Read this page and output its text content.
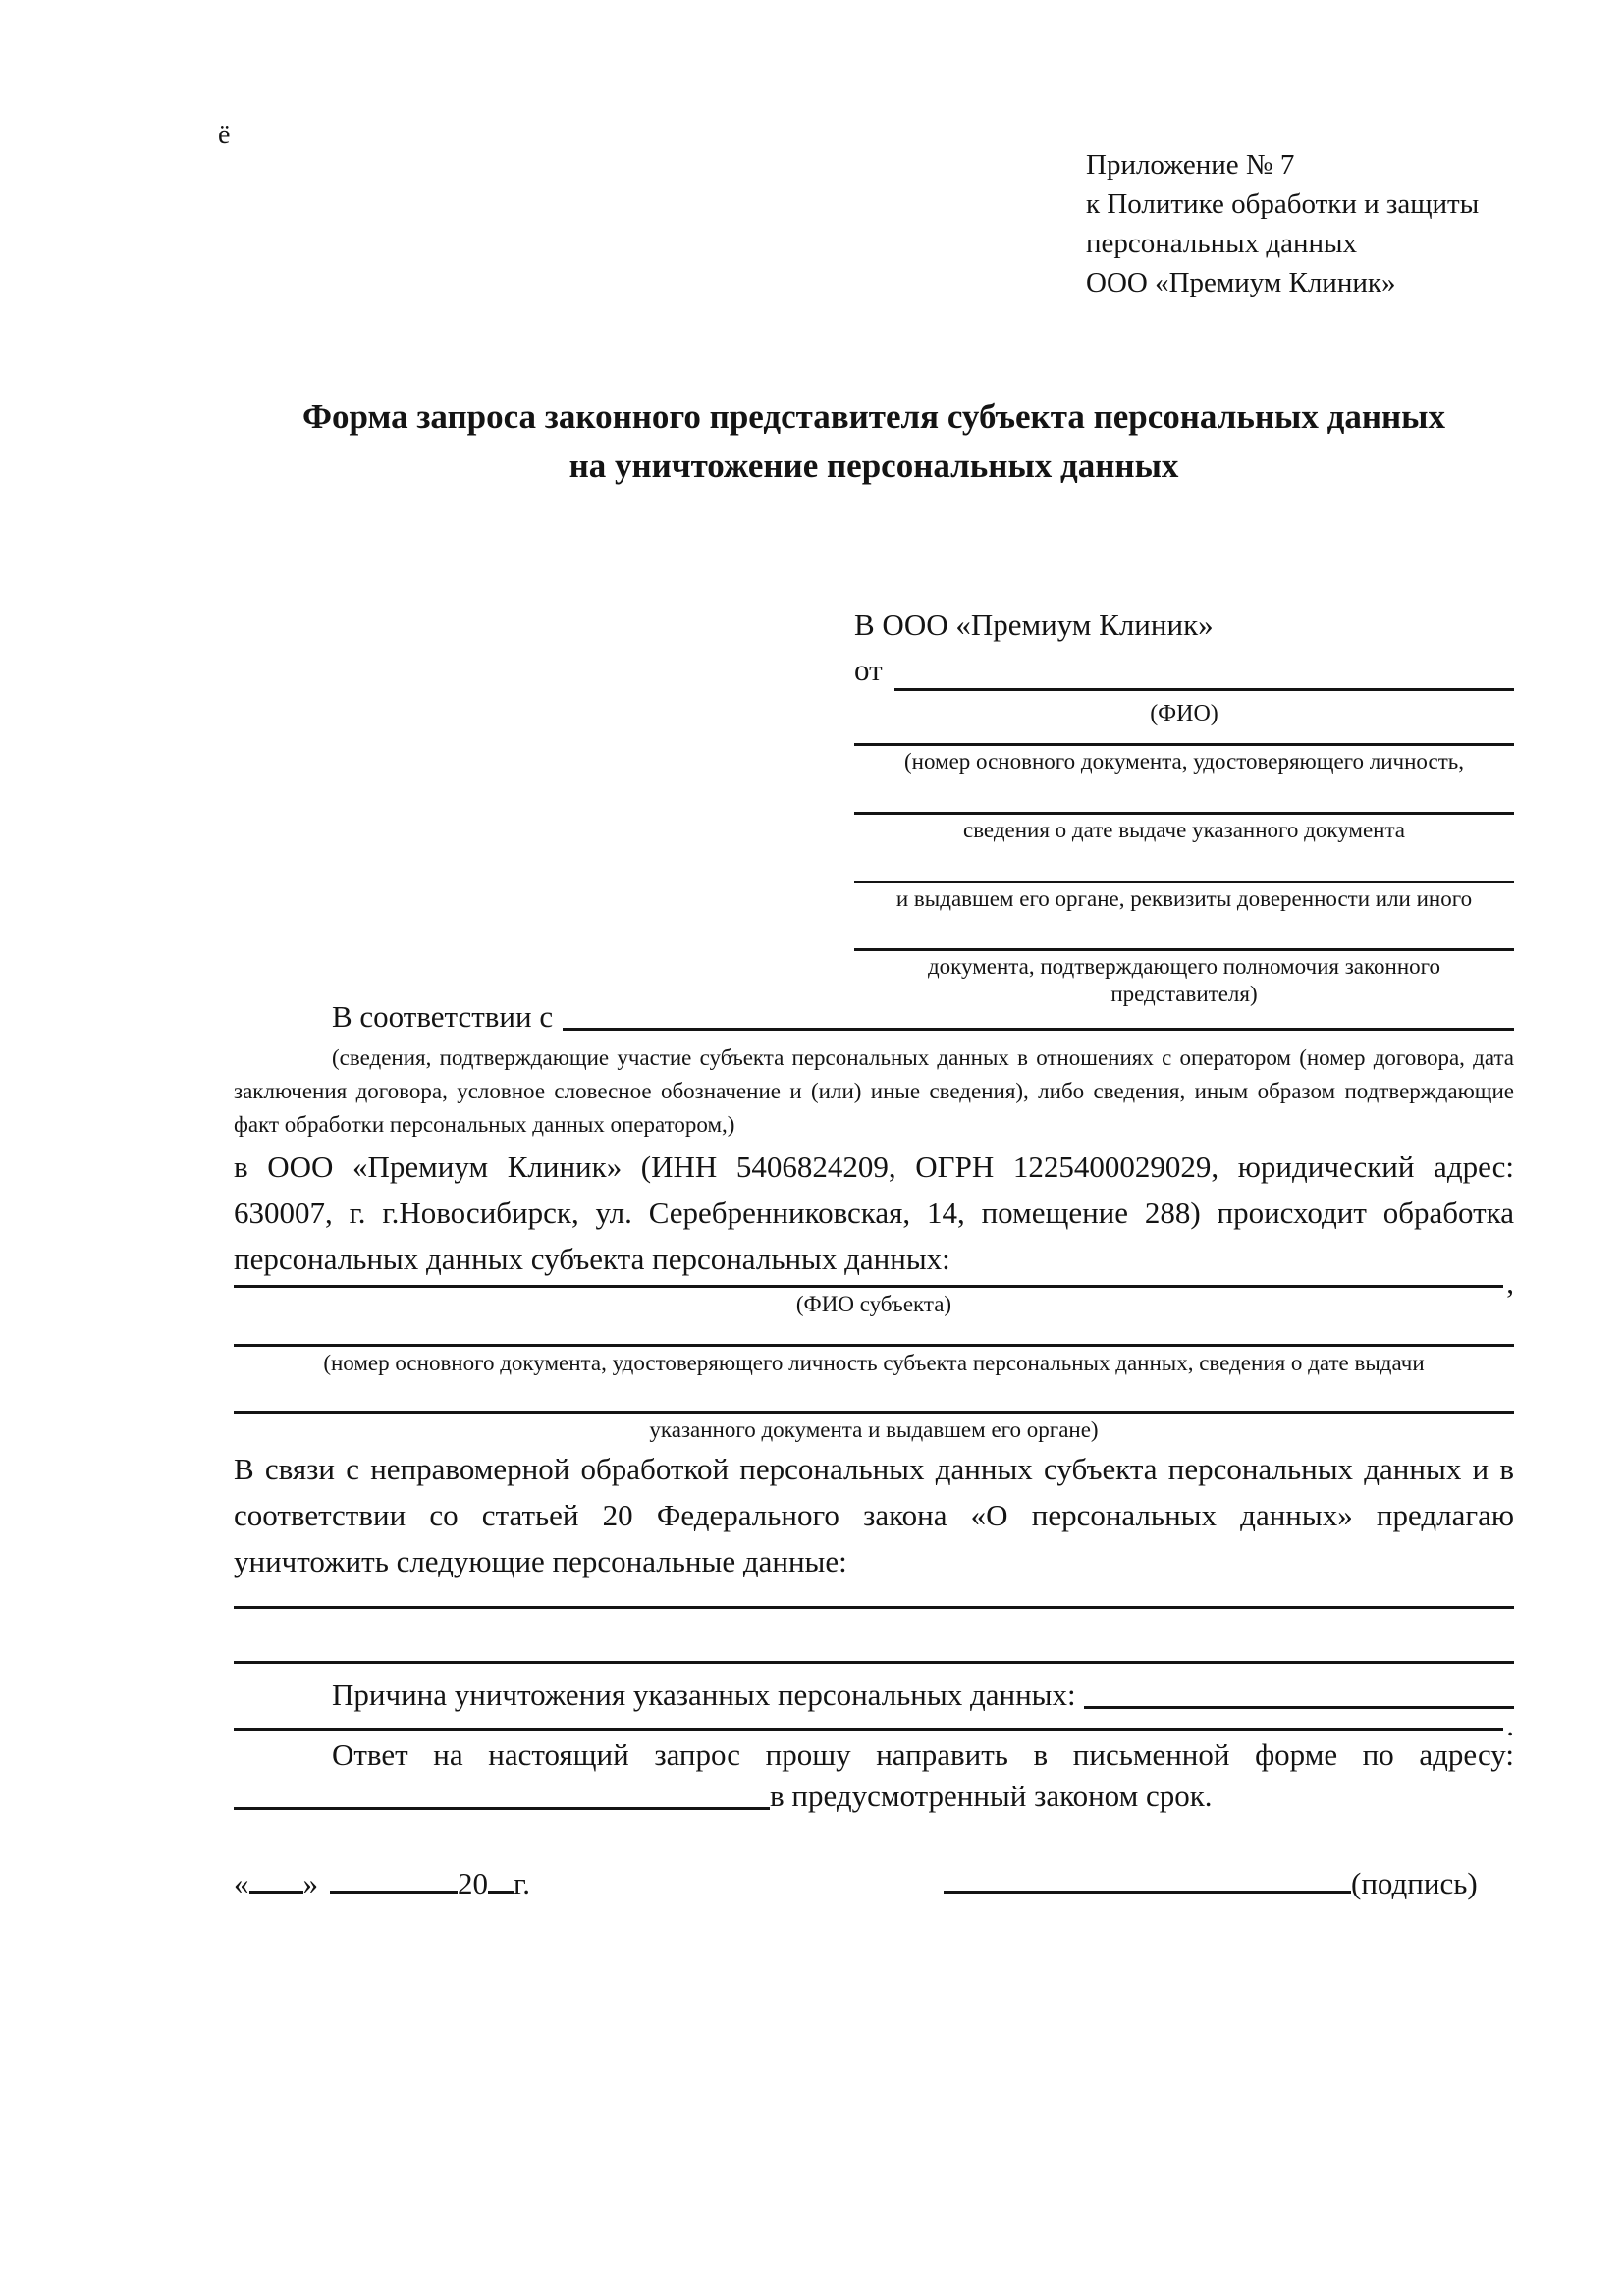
ё
Приложение № 7
к Политике обработки и защиты
персональных данных
ООО «Премиум Клиник»
Форма запроса законного представителя субъекта персональных данных
на уничтожение персональных данных
В ООО «Премиум Клиник»
от
(ФИО)
(номер основного документа, удостоверяющего личность,
сведения о дате выдаче указанного документа
и выдавшем его органе, реквизиты доверенности или иного
документа, подтверждающего полномочия законного представителя)
В соответствии с
(сведения, подтверждающие участие субъекта персональных данных в отношениях с оператором (номер договора, дата заключения договора, условное словесное обозначение и (или) иные сведения), либо сведения, иным образом подтверждающие факт обработки персональных данных оператором,)

в ООО «Премиум Клиник» (ИНН 5406824209, ОГРН 1225400029029, юридический адрес: 630007, г. г.Новосибирск, ул. Серебренниковская, 14, помещение 288) происходит обработка персональных данных субъекта персональных данных:

,
(ФИО субъекта)
(номер основного документа, удостоверяющего личность субъекта персональных данных, сведения о дате выдачи
указанного документа и выдавшем его органе)

В связи с неправомерной обработкой персональных данных субъекта персональных данных и в соответствии со статьей 20 Федерального закона «О персональных данных» предлагаю уничтожить следующие персональные данные:

Причина уничтожения указанных персональных данных:
.

Ответ на настоящий запрос прошу направить в письменной форме по адресу:

в предусмотренный законом срок.
« »	20 г.	(подпись)
